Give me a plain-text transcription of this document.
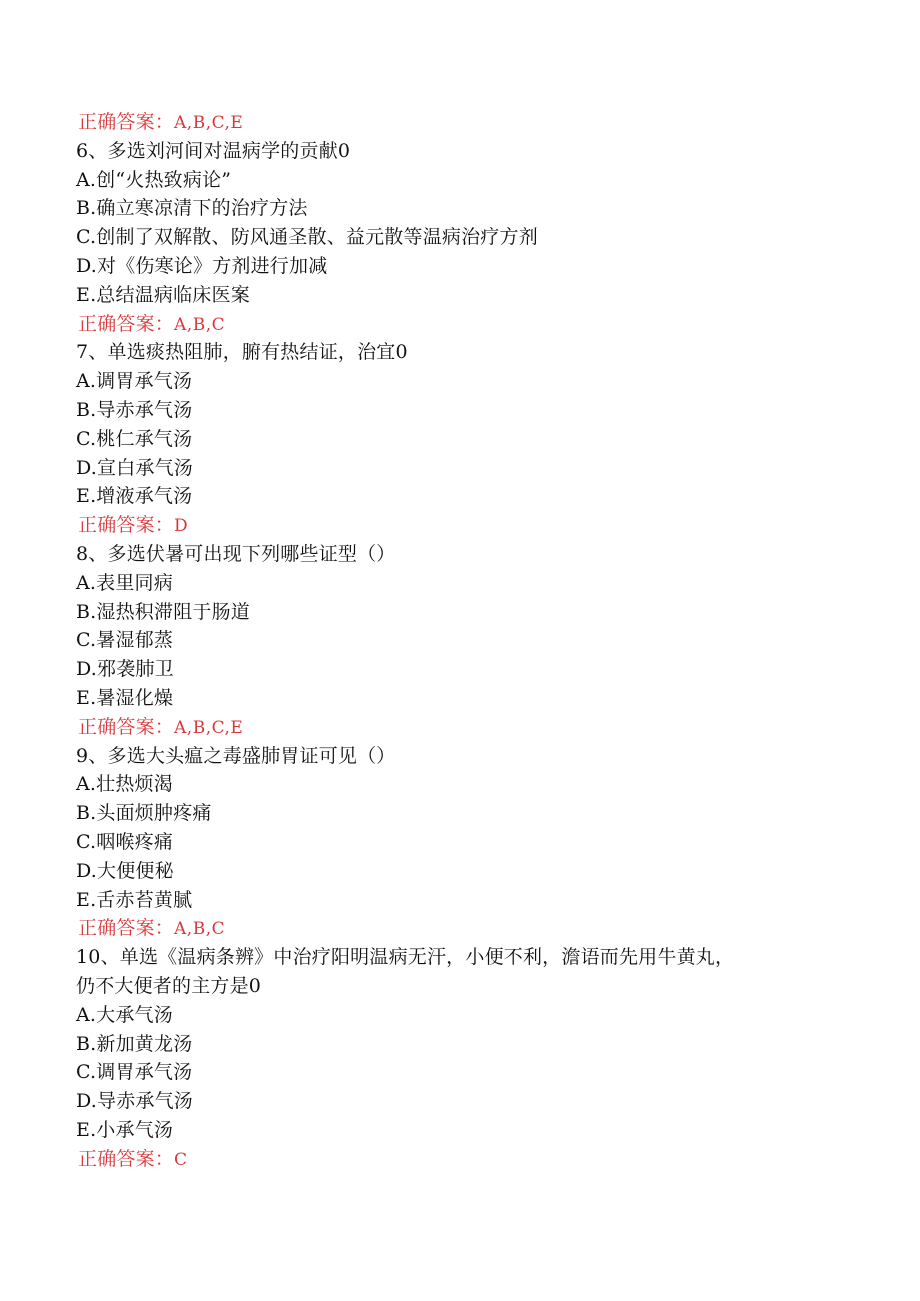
正确答案：A,B,C,E
6、多选刘河间对温病学的贡献0
A.创“火热致病论”
B.确立寒凉清下的治疗方法
C.创制了双解散、防风通圣散、益元散等温病治疗方剂
D.对《伤寒论》方剂进行加减
E.总结温病临床医案
正确答案：A,B,C
7、单选痰热阻肺，腑有热结证，治宜0
A.调胃承气汤
B.导赤承气汤
C.桃仁承气汤
D.宣白承气汤
E.增液承气汤
正确答案：D
8、多选伏暑可出现下列哪些证型（）
A.表里同病
B.湿热积滞阻于肠道
C.暑湿郁蒸
D.邪袭肺卫
E.暑湿化燥
正确答案：A,B,C,E
9、多选大头瘟之毒盛肺胃证可见（）
A.壮热烦渴
B.头面烦肿疼痛
C.咽喉疼痛
D.大便便秘
E.舌赤苔黄腻
正确答案：A,B,C
10、单选《温病条辨》中治疗阳明温病无汗，小便不利，澹语而先用牛黄丸，
仍不大便者的主方是0
A.大承气汤
B.新加黄龙汤
C.调胃承气汤
D.导赤承气汤
E.小承气汤
正确答案：C
